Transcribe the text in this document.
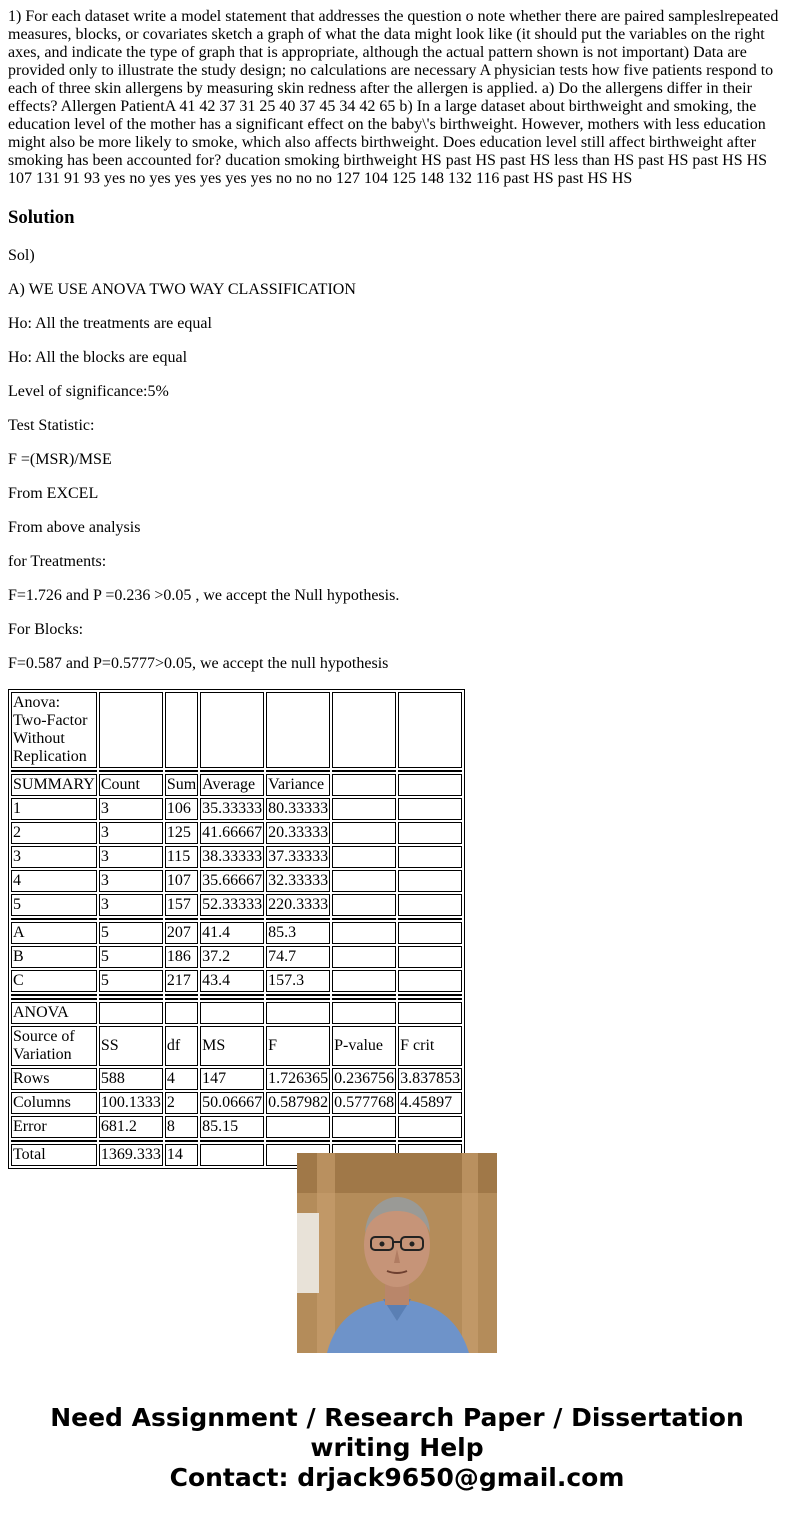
1) For each dataset write a model statement that addresses the question o note whether there are paired sampleslrepeated measures, blocks, or covariates sketch a graph of what the data might look like (it should put the variables on the right axes, and indicate the type of graph that is appropriate, although the actual pattern shown is not important) Data are provided only to illustrate the study design; no calculations are necessary A physician tests how five patients respond to each of three skin allergens by measuring skin redness after the allergen is applied. a) Do the allergens differ in their effects? Allergen PatientA 41 42 37 31 25 40 37 45 34 42 65 b) In a large dataset about birthweight and smoking, the education level of the mother has a significant effect on the baby\'s birthweight. However, mothers with less education might also be more likely to smoke, which also affects birthweight. Does education level still affect birthweight after smoking has been accounted for? ducation smoking birthweight HS past HS past HS less than HS past HS past HS HS 107 131 91 93 yes no yes yes yes yes yes no no no 127 104 125 148 132 116 past HS past HS HS
Solution

Sol)

A) WE USE ANOVA TWO WAY CLASSIFICATION

Ho: All the treatments are equal

Ho: All the blocks are equal

Level of significance:5%

Test Statistic:

F =(MSR)/MSE

From EXCEL

From above analysis

for Treatments:

F=1.726 and P =0.236 >0.05 , we accept the Null hypothesis.

For Blocks:

F=0.587 and P=0.5777>0.05, we accept the null hypothesis

Anova: Two-Factor Without Replication						

SUMMARY	Count	Sum	Average	Variance		
1	3	106	35.33333	80.33333		
2	3	125	41.66667	20.33333		
3	3	115	38.33333	37.33333		
4	3	107	35.66667	32.33333		
5	3	157	52.33333	220.3333		

A	5	207	41.4	85.3		
B	5	186	37.2	74.7		
C	5	217	43.4	157.3		

ANOVA						
Source of Variation	SS	df	MS	F	P-value	F crit
Rows	588	4	147	1.726365	0.236756	3.837853
Columns	100.1333	2	50.06667	0.587982	0.577768	4.45897
Error	681.2	8	85.15			

Total	1369.333	14				
Need Assignment / Research Paper / Dissertation
writing Help
Contact: drjack9650@gmail.com
